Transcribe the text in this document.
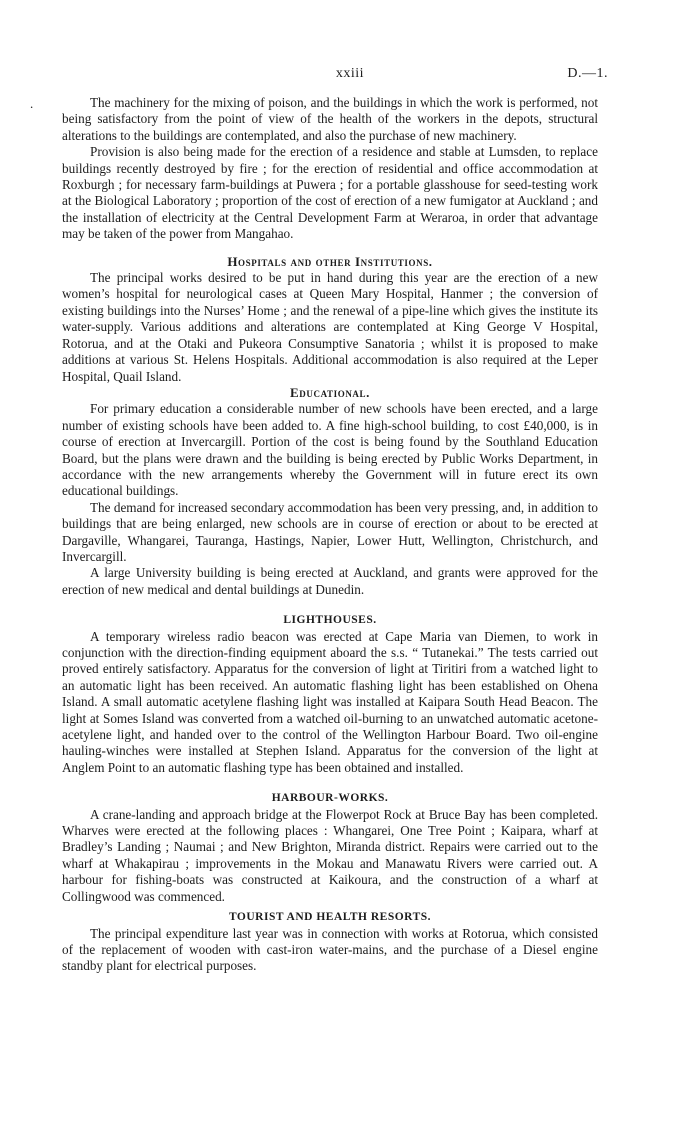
xxiii	D.—1.
.	The machinery for the mixing of poison, and the buildings in which the work is performed, not being satisfactory from the point of view of the health of the workers in the depots, structural alterations to the buildings are contemplated, and also the purchase of new machinery.

Provision is also being made for the erection of a residence and stable at Lumsden, to replace buildings recently destroyed by fire ; for the erection of residential and office accommodation at Roxburgh ; for necessary farm-buildings at Puwera ; for a portable glasshouse for seed-testing work at the Biological Laboratory ; proportion of the cost of erection of a new fumigator at Auckland ; and the installation of electricity at the Central Development Farm at Weraroa, in order that advantage may be taken of the power from Mangahao.

Hospitals and other Institutions.

The principal works desired to be put in hand during this year are the erection of a new women’s hospital for neurological cases at Queen Mary Hospital, Hanmer ; the conversion of existing buildings into the Nurses’ Home ; and the renewal of a pipe-line which gives the institute its water-supply. Various additions and alterations are contemplated at King George V Hospital, Rotorua, and at the Otaki and Pukeora Consumptive Sanatoria ; whilst it is proposed to make additions at various St. Helens Hospitals. Additional accommodation is also required at the Leper Hospital, Quail Island.

Educational.

For primary education a considerable number of new schools have been erected, and a large number of existing schools have been added to. A fine high-school building, to cost £40,000, is in course of erection at Invercargill. Portion of the cost is being found by the Southland Education Board, but the plans were drawn and the building is being erected by Public Works Department, in accordance with the new arrangements whereby the Government will in future erect its own educational buildings.

The demand for increased secondary accommodation has been very pressing, and, in addition to buildings that are being enlarged, new schools are in course of erection or about to be erected at Dargaville, Whangarei, Tauranga, Hastings, Napier, Lower Hutt, Wellington, Christchurch, and Invercargill.

A large University building is being erected at Auckland, and grants were approved for the erection of new medical and dental buildings at Dunedin.

LIGHTHOUSES.

A temporary wireless radio beacon was erected at Cape Maria van Diemen, to work in conjunction with the direction-finding equipment aboard the s.s. “ Tutanekai.” The tests carried out proved entirely satisfactory. Apparatus for the conversion of light at Tiritiri from a watched light to an automatic light has been received. An automatic flashing light has been established on Ohena Island. A small automatic acetylene flashing light was installed at Kaipara South Head Beacon. The light at Somes Island was converted from a watched oil-burning to an unwatched automatic acetone-acetylene light, and handed over to the control of the Wellington Harbour Board. Two oil-engine hauling-winches were installed at Stephen Island. Apparatus for the conversion of the light at Anglem Point to an automatic flashing type has been obtained and installed.

HARBOUR-WORKS.

A crane-landing and approach bridge at the Flowerpot Rock at Bruce Bay has been completed. Wharves were erected at the following places : Whangarei, One Tree Point ; Kaipara, wharf at Bradley’s Landing ; Naumai ; and New Brighton, Miranda district. Repairs were carried out to the wharf at Whakapirau ; improvements in the Mokau and Manawatu Rivers were carried out. A harbour for fishing-boats was constructed at Kaikoura, and the construction of a wharf at Collingwood was commenced.

TOURIST AND HEALTH RESORTS.

The principal expenditure last year was in connection with works at Rotorua, which consisted of the replacement of wooden with cast-iron water-mains, and the purchase of a Diesel engine standby plant for electrical purposes.
